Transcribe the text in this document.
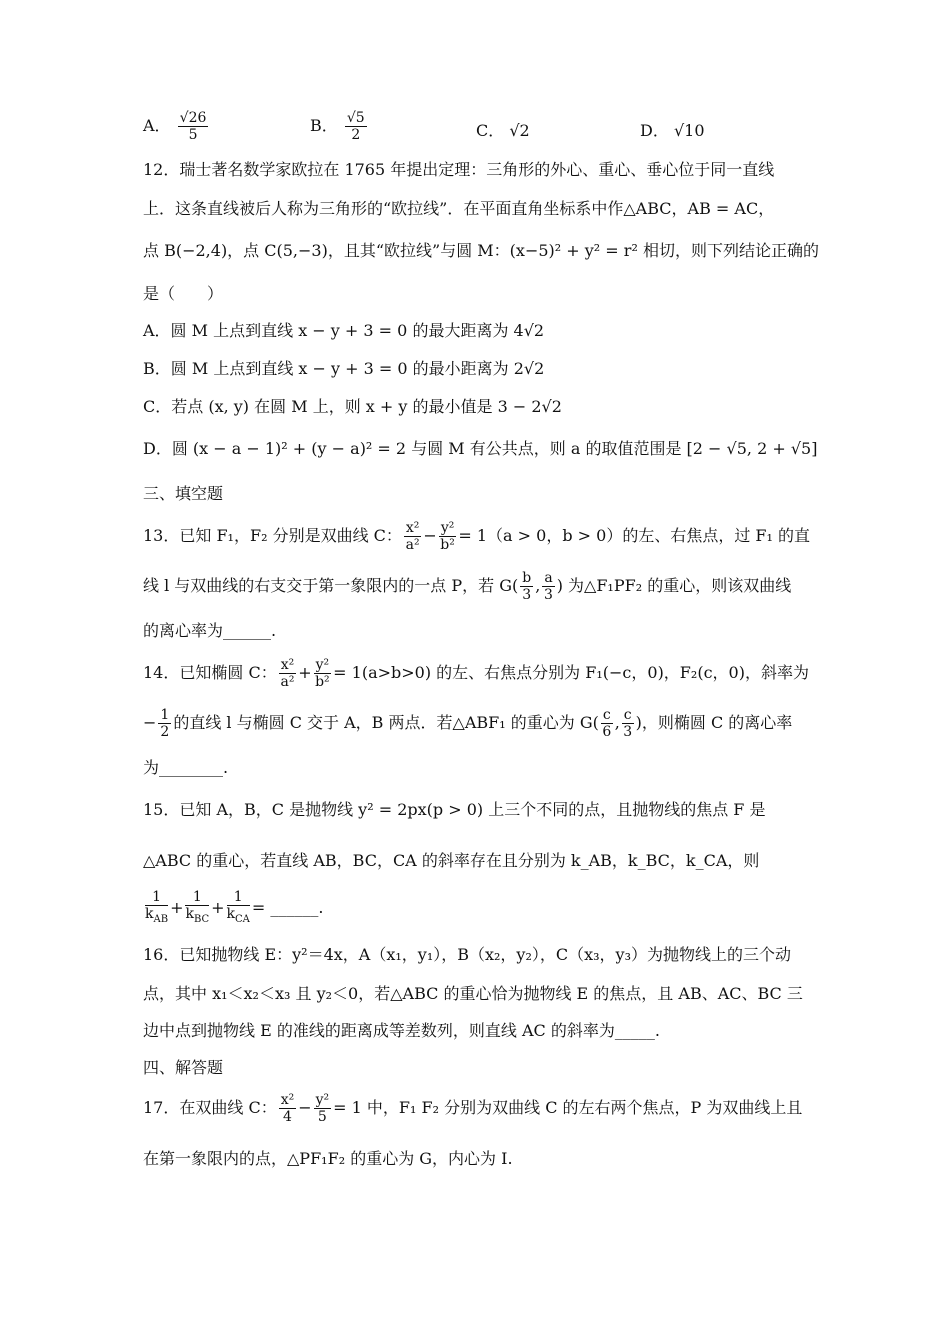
A． $\frac{√26}{5}$	B． $\frac{√5}{2}$	C． √2	D． √10
12．瑞士著名数学家欧拉在 1765 年提出定理：三角形的外心、重心、垂心位于同一直线
上．这条直线被后人称为三角形的“欧拉线”．在平面直角坐标系中作△ABC，AB = AC，
点 B(−2,4)，点 C(5,−3)，且其“欧拉线”与圆 M：(x−5)² + y² = r² 相切，则下列结论正确的
是（　　）
A．圆 M 上点到直线 x − y + 3 = 0 的最大距离为 4√2
B．圆 M 上点到直线 x − y + 3 = 0 的最小距离为 2√2
C．若点 (x, y) 在圆 M 上，则 x + y 的最小值是 3 − 2√2
D．圆 (x − a − 1)² + (y − a)² = 2 与圆 M 有公共点，则 a 的取值范围是 [2 − √5, 2 + √5]
三、填空题
13．已知 F₁，F₂ 分别是双曲线 C： $\frac{\text{x²}}{\text{a²}} - \frac{\text{y²}}{\text{b²}} = 1(a > 0$，b > 0）的左、右焦点，过 F₁ 的直
线 l 与双曲线的右支交于第一象限内的一点 P，若 $G( \frac{b}{3}$ , $\frac{a}{3}$ ) 为△F₁PF₂ 的重心，则该双曲线
的离心率为______.
14．已知椭圆 C： $\frac{\text{x²}}{\text{a²}} + \frac{\text{y²}}{\text{b²}} = 1(a>b>0)$ 的左、右焦点分别为 F₁(−c，0)，F₂(c，0)，斜率为
− $\frac{1}{2}$ 的直线 l 与椭圆 C 交于 A，B 两点．若△ABF₁ 的重心为 $G( \frac{c}{6}$ , $\frac{c}{3}$ )，则椭圆 C 的离心率
为________.
15．已知 A，B，C 是抛物线 y² = 2px(p > 0) 上三个不同的点，且抛物线的焦点 F 是
△ABC 的重心，若直线 AB，BC，CA 的斜率存在且分别为 k_AB，k_BC，k_CA，则
$\frac{1}{k_{AB}} + \frac{1}{k_{BC}} + \frac{1}{k_{CA}}$ = ______.
16．已知抛物线 E：y²＝4x，A（x₁，y₁），B（x₂，y₂），C（x₃，y₃）为抛物线上的三个动
点，其中 x₁＜x₂＜x₃ 且 y₂＜0，若△ABC 的重心恰为抛物线 E 的焦点，且 AB、AC、BC 三
边中点到抛物线 E 的准线的距离成等差数列，则直线 AC 的斜率为_____.
四、解答题
17．在双曲线 C： $\frac{\text{x²}}{4} - \frac{\text{y²}}{5} = 1$ 中，F₁ F₂ 分别为双曲线 C 的左右两个焦点，P 为双曲线上且
在第一象限内的点，△PF₁F₂ 的重心为 G，内心为 I.
